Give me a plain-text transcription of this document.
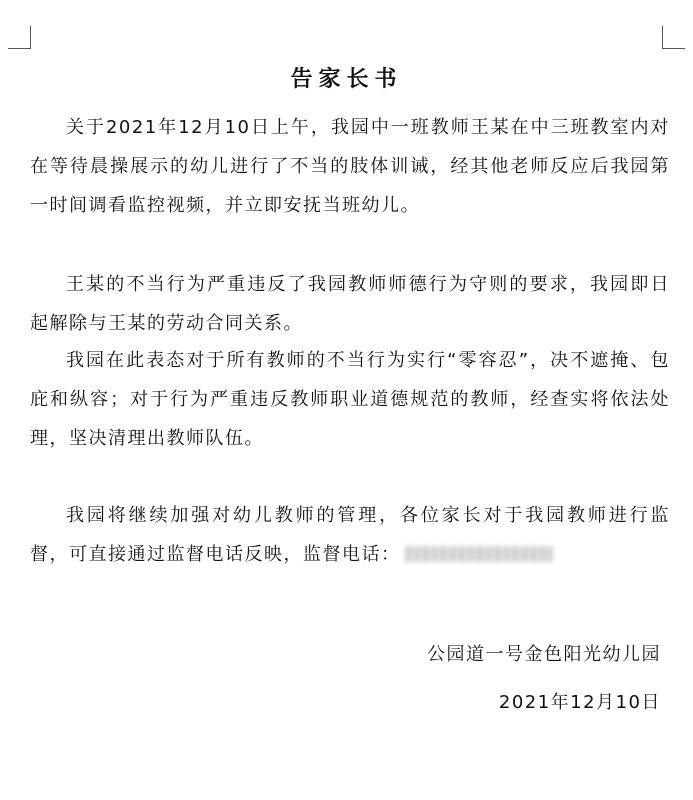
告家长书

关于2021年12月10日上午，我园中一班教师王某在中三班教室内对在等待晨操展示的幼儿进行了不当的肢体训诫，经其他老师反应后我园第一时间调看监控视频，并立即安抚当班幼儿。

王某的不当行为严重违反了我园教师师德行为守则的要求，我园即日起解除与王某的劳动合同关系。

我园在此表态对于所有教师的不当行为实行“零容忍”，决不遮掩、包庇和纵容；对于行为严重违反教师职业道德规范的教师，经查实将依法处理，坚决清理出教师队伍。

我园将继续加强对幼儿教师的管理，各位家长对于我园教师进行监督，可直接通过监督电话反映，监督电话：

公园道一号金色阳光幼儿园
2021年12月10日
